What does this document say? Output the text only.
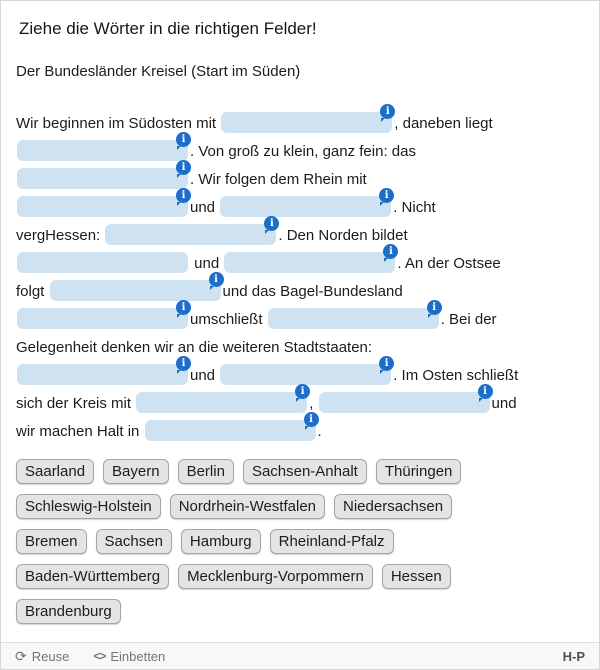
Ziehe die Wörter in die richtigen Felder!
Der Bundesländer Kreisel (Start im Süden)
Wir beginnen im Südosten mit
i
, daneben liegt
i
. Von groß zu klein, ganz fein: das
i
. Wir folgen dem Rhein mit
i
und
i
. Nicht
vergHessen:
i
. Den Norden bildet
und
i
. An der Ostsee
folgt
i
und das Bagel-Bundesland
i
umschließt
i
. Bei der
Gelegenheit denken wir an die weiteren Stadtstaaten:
i
und
i
. Im Osten schließt
sich der Kreis mit
i
,
i
und
wir machen Halt in
i
.
Saarland Bayern Berlin Sachsen-Anhalt ThüringenSchleswig-Holstein Nordrhein-Westfalen NiedersachsenBremen Sachsen Hamburg Rheinland-PfalzBaden-Württemberg Mecklenburg-Vorpommern HessenBrandenburg
⟳ Reuse <> Einbetten	H-P
